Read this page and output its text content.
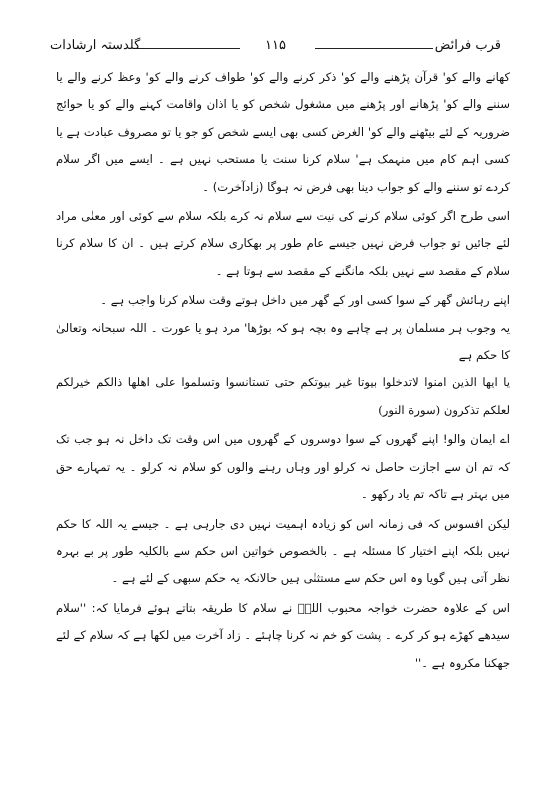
قرب فرائض
۱۱۵
گلدستہ ارشادات

کھانے والے کو' قرآن پڑھنے والے کو' ذکر کرنے والے کو' طواف کرنے والے کو' وعظ کرنے والے یا سننے والے کو' پڑھانے اور پڑھنے میں مشغول شخص کو یا اذان واقامت کہنے والے کو یا حوائج ضروریہ کے لئے بیٹھنے والے کو' الغرض کسی بھی ایسے شخص کو جو یا تو مصروف عبادت ہے یا کسی اہم کام میں منہمک ہے' سلام کرنا سنت یا مستحب نہیں ہے ۔ ایسے میں اگر سلام کردے تو سننے والے کو جواب دینا بھی فرض نہ ہوگا (زادآخرت) ۔

اسی طرح اگر کوئی سلام کرنے کی نیت سے سلام نہ کرے بلکہ سلام سے کوئی اور معنٰی مراد لئے جائیں تو جواب فرض نہیں جیسے عام طور پر بھکاری سلام کرتے ہیں ۔ ان کا سلام کرنا سلام کے مقصد سے نہیں بلکہ مانگنے کے مقصد سے ہوتا ہے ۔

اپنے رہائش گھر کے سوا کسی اور کے گھر میں داخل ہوتے وقت سلام کرنا واجب ہے ۔

یہ وجوب ہر مسلمان پر ہے چاہے وہ بچہ ہو کہ بوڑھا' مرد ہو یا عورت ۔ اللہ سبحانہ وتعالیٰ کا حکم ہے

يا ايها الذين امنوا لاتدخلوا بيوتا غير بيوتكم حتى تستانسوا وتسلموا على اهلها ذالكم خيرلكم لعلكم تذكرون (سورة النور)

اے ایمان والو! اپنے گھروں کے سوا دوسروں کے گھروں میں اس وقت تک داخل نہ ہو جب تک کہ تم ان سے اجازت حاصل نہ کرلو اور وہاں رہنے والوں کو سلام نہ کرلو ۔ یہ تمہارے حق میں بہتر ہے تاکہ تم یاد رکھو ۔

لیکن افسوس کہ فی زمانہ اس کو زیادہ اہمیت نہیں دی جارہی ہے ۔ جیسے یہ اللہ کا حکم نہیں بلکہ اپنے اختیار کا مسئلہ ہے ۔ بالخصوص خواتین اس حکم سے بالکلیہ طور پر بے بہرہ نظر آتی ہیں گویا وہ اس حکم سے مستثنٰی ہیں حالانکہ یہ حکم سبھی کے لئے ہے ۔

اس کے علاوہ حضرت خواجہ محبوب اللہؒ نے سلام کا طریقہ بتاتے ہوئے فرمایا کہ: ''سلام سیدھے کھڑے ہو کر کرے ۔ پشت کو خم نہ کرنا چاہئے ۔ زاد آخرت میں لکھا ہے کہ سلام کے لئے جھکنا مکروہ ہے ۔''
